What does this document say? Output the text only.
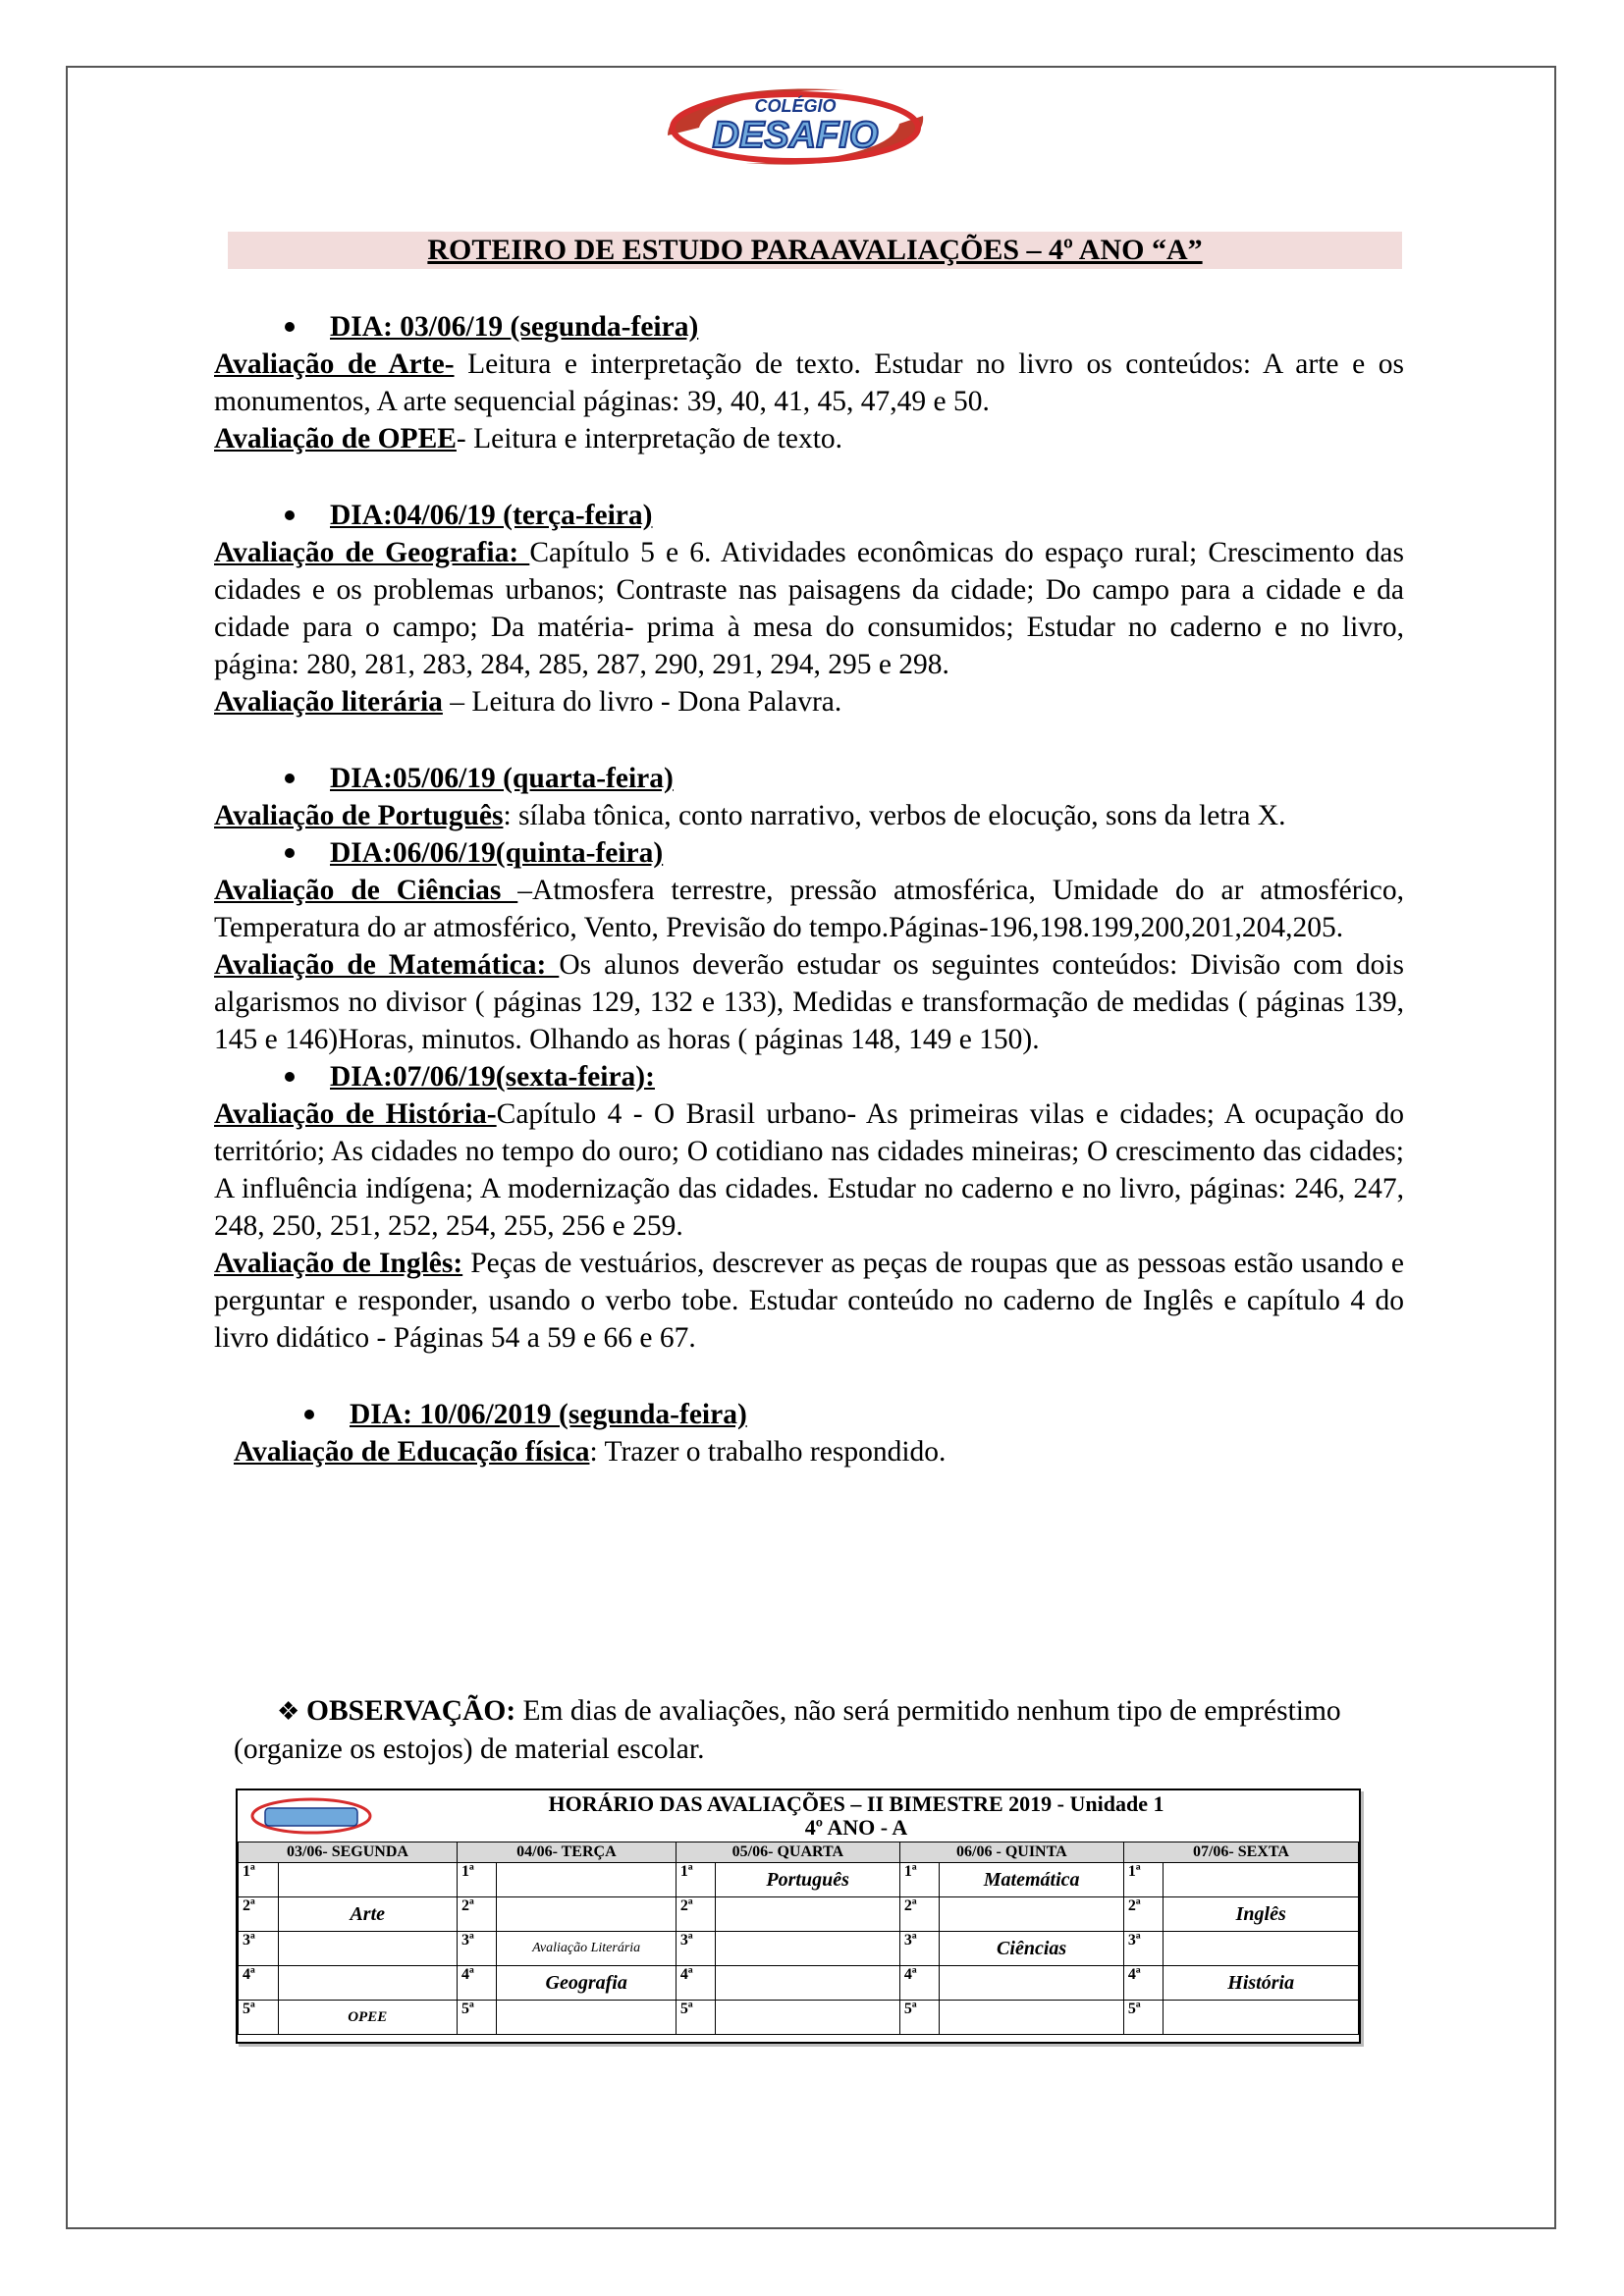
COLÉGIO
DESAFIO
ROTEIRO DE ESTUDO PARAAVALIAÇÕES – 4º ANO “A”
DIA: 03/06/19 (segunda-feira)
Avaliação de Arte- Leitura e interpretação de texto. Estudar no livro os conteúdos: A arte e os monumentos, A arte sequencial páginas: 39, 40, 41, 45, 47,49 e 50.
Avaliação de OPEE- Leitura e interpretação de texto.
DIA:04/06/19 (terça-feira)
Avaliação de Geografia: Capítulo 5 e 6. Atividades econômicas do espaço rural; Crescimento das cidades e os problemas urbanos; Contraste nas paisagens da cidade; Do campo para a cidade e da cidade para o campo; Da matéria- prima à mesa do consumidos; Estudar no caderno e no livro, página: 280, 281, 283, 284, 285, 287, 290, 291, 294, 295 e 298.
Avaliação literária – Leitura do livro - Dona Palavra.
DIA:05/06/19 (quarta-feira)
Avaliação de Português: sílaba tônica, conto narrativo, verbos de elocução, sons da letra X.
DIA:06/06/19(quinta-feira)
Avaliação de Ciências –Atmosfera terrestre, pressão atmosférica, Umidade do ar atmosférico, Temperatura do ar atmosférico, Vento, Previsão do tempo.Páginas-196,198.199,200,201,204,205.
Avaliação de Matemática: Os alunos deverão estudar os seguintes conteúdos: Divisão com dois algarismos no divisor ( páginas 129, 132 e 133), Medidas e transformação de medidas ( páginas 139, 145 e 146)Horas, minutos. Olhando as horas ( páginas 148, 149 e 150).
DIA:07/06/19(sexta-feira):
Avaliação de História-Capítulo 4 - O Brasil urbano- As primeiras vilas e cidades; A ocupação do território; As cidades no tempo do ouro; O cotidiano nas cidades mineiras; O crescimento das cidades; A influência indígena; A modernização das cidades. Estudar no caderno e no livro, páginas: 246, 247, 248, 250, 251, 252, 254, 255, 256 e 259.
Avaliação de Inglês: Peças de vestuários, descrever as peças de roupas que as pessoas estão usando e perguntar e responder, usando o verbo tobe. Estudar conteúdo no caderno de Inglês e capítulo 4 do livro didático - Páginas 54 a 59 e 66 e 67.
DIA: 10/06/2019 (segunda-feira)
Avaliação de Educação física: Trazer o trabalho respondido.
❖ OBSERVAÇÃO: Em dias de avaliações, não será permitido nenhum tipo de empréstimo (organize os estojos) de material escolar.
HORÁRIO DAS AVALIAÇÕES – II BIMESTRE 2019 - Unidade 1
4º ANO - A
03/06- SEGUNDA		04/06- TERÇA		05/06- QUARTA		06/06 - QUINTA		07/06- SEXTA	
1ª		1ª		1ª	Português	1ª	Matemática	1ª	
2ª	Arte	2ª		2ª		2ª		2ª	Inglês
3ª		3ª	Avaliação Literária	3ª		3ª	Ciências	3ª	
4ª		4ª	Geografia	4ª		4ª		4ª	História
5ª	OPEE	5ª		5ª		5ª		5ª	
